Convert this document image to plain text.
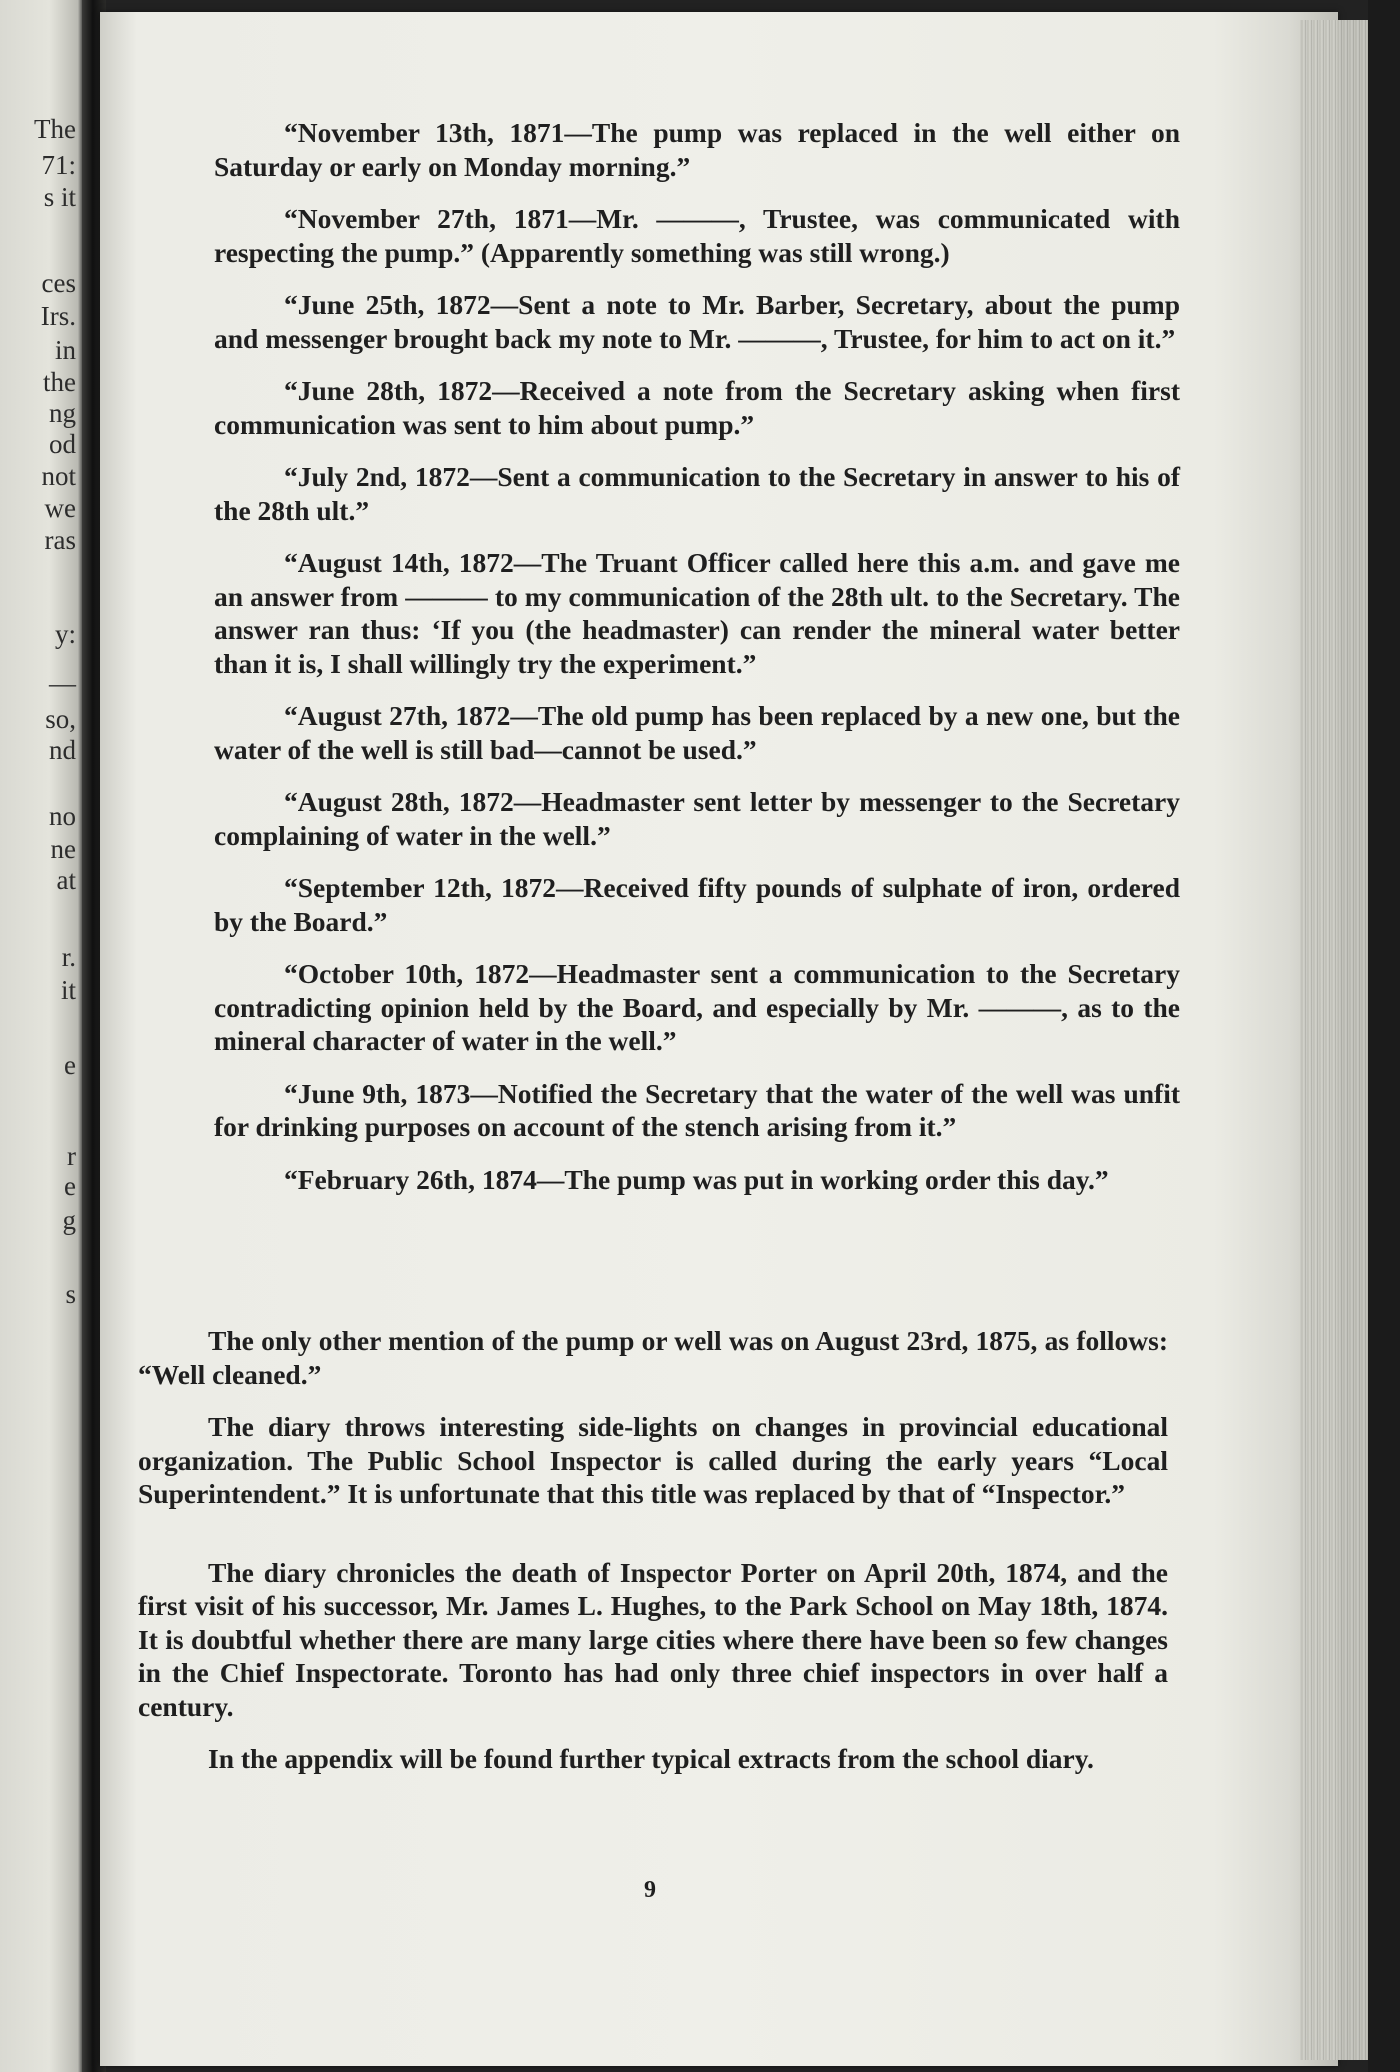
The
71:
s it
ces
Irs.
in
the
ng
od
not
we
ras
y:
—
so,
nd
no
ne
at
r.
it
e
r
e
g
s

“November 13th, 1871—The pump was replaced in the well either on Saturday or early on Monday morning.”

“November 27th, 1871—Mr. ———, Trustee, was communicated with respecting the pump.” (Apparently something was still wrong.)

“June 25th, 1872—Sent a note to Mr. Barber, Secretary, about the pump and messenger brought back my note to Mr. ———, Trustee, for him to act on it.”

“June 28th, 1872—Received a note from the Secretary asking when first communication was sent to him about pump.”

“July 2nd, 1872—Sent a communication to the Secretary in answer to his of the 28th ult.”

“August 14th, 1872—The Truant Officer called here this a.m. and gave me an answer from ——— to my communication of the 28th ult. to the Secretary. The answer ran thus: ‘If you (the headmaster) can render the mineral water better than it is, I shall willingly try the experiment.”

“August 27th, 1872—The old pump has been replaced by a new one, but the water of the well is still bad—cannot be used.”

“August 28th, 1872—Headmaster sent letter by messenger to the Secretary complaining of water in the well.”

“September 12th, 1872—Received fifty pounds of sulphate of iron, ordered by the Board.”

“October 10th, 1872—Headmaster sent a communication to the Secretary contradicting opinion held by the Board, and especially by Mr. ———, as to the mineral character of water in the well.”

“June 9th, 1873—Notified the Secretary that the water of the well was unfit for drinking purposes on account of the stench arising from it.”

“February 26th, 1874—The pump was put in working order this day.”

The only other mention of the pump or well was on August 23rd, 1875, as follows: “Well cleaned.”

The diary throws interesting side-lights on changes in provincial educational organization. The Public School Inspector is called during the early years “Local Superintendent.” It is unfortunate that this title was replaced by that of “Inspector.”

The diary chronicles the death of Inspector Porter on April 20th, 1874, and the first visit of his successor, Mr. James L. Hughes, to the Park School on May 18th, 1874. It is doubtful whether there are many large cities where there have been so few changes in the Chief Inspectorate. Toronto has had only three chief inspectors in over half a century.

In the appendix will be found further typical extracts from the school diary.

9
